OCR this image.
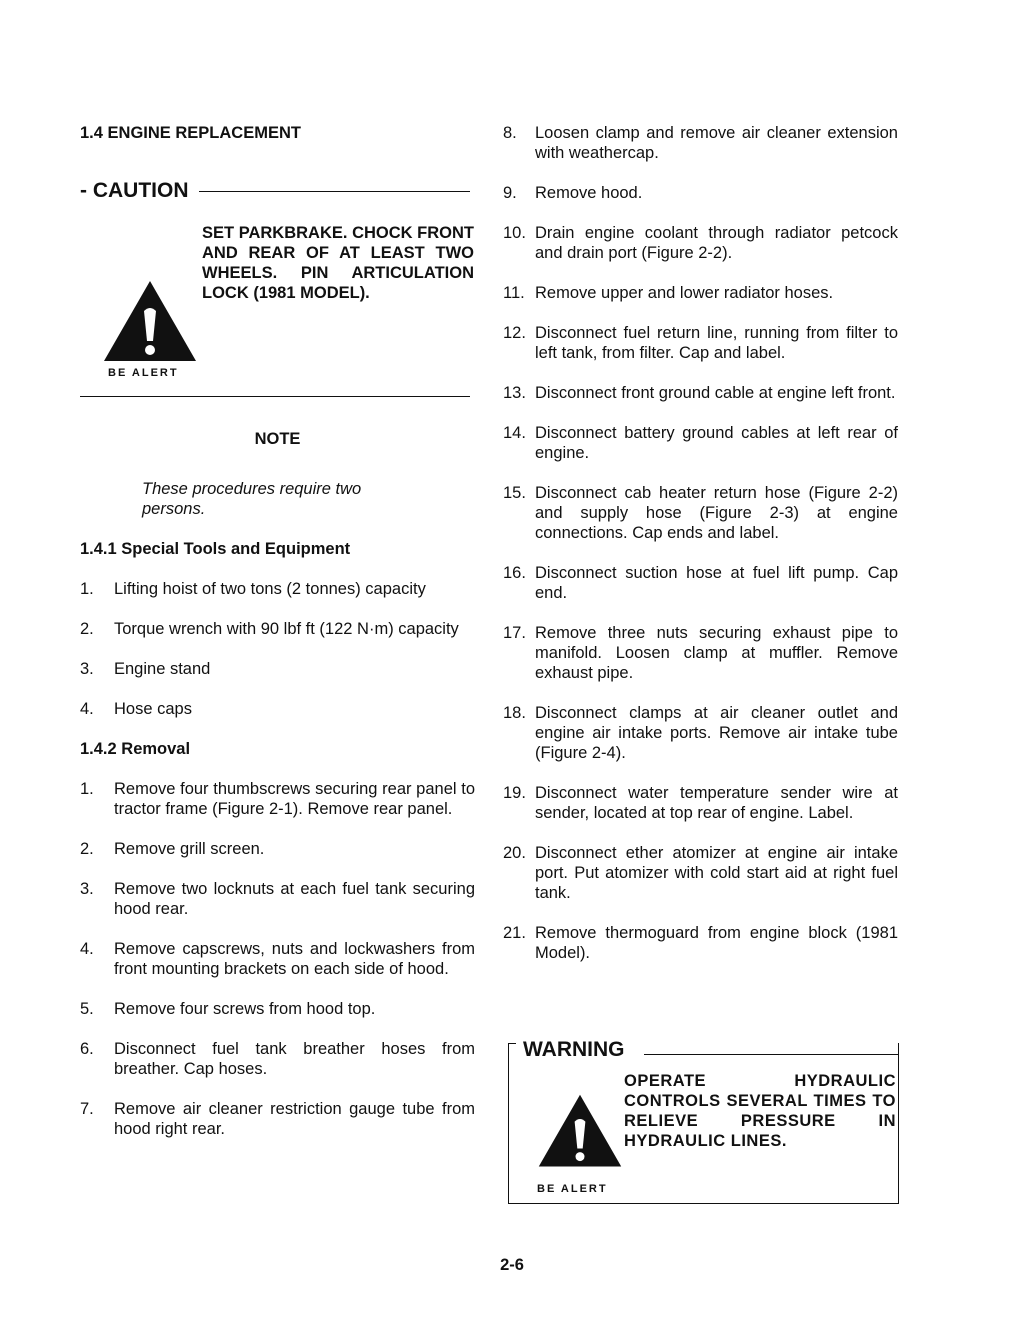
1.4 ENGINE REPLACEMENT

- CAUTION
SET PARKBRAKE. CHOCK FRONT AND REAR OF AT LEAST TWO WHEELS. PIN ARTICULATION LOCK (1981 MODEL).
BE ALERT
NOTE
These procedures require two persons.
1.4.1 Special Tools and Equipment
1.	Lifting hoist of two tons (2 tonnes) capacity
2.	Torque wrench with 90 lbf ft (122 N·m) capacity
3.	Engine stand
4.	Hose caps
1.4.2 Removal
1.	Remove four thumbscrews securing rear panel to tractor frame (Figure 2-1). Remove rear panel.
2.	Remove grill screen.
3.	Remove two locknuts at each fuel tank securing hood rear.
4.	Remove capscrews, nuts and lockwashers from front mounting brackets on each side of hood.
5.	Remove four screws from hood top.
6.	Disconnect fuel tank breather hoses from breather. Cap hoses.
7.	Remove air cleaner restriction gauge tube from hood right rear.
8.	Loosen clamp and remove air cleaner extension with weathercap.
9.	Remove hood.
10. Drain engine coolant through radiator petcock and drain port (Figure 2-2).
11. Remove upper and lower radiator hoses.
12. Disconnect fuel return line, running from filter to left tank, from filter. Cap and label.
13. Disconnect front ground cable at engine left front.
14. Disconnect battery ground cables at left rear of engine.
15. Disconnect cab heater return hose (Figure 2-2) and supply hose (Figure 2-3) at engine connections. Cap ends and label.
16. Disconnect suction hose at fuel lift pump. Cap end.
17. Remove three nuts securing exhaust pipe to manifold. Loosen clamp at muffler. Remove exhaust pipe.
18. Disconnect clamps at air cleaner outlet and engine air intake ports. Remove air intake tube (Figure 2-4).
19. Disconnect water temperature sender wire at sender, located at top rear of engine. Label.
20. Disconnect ether atomizer at engine air intake port. Put atomizer with cold start aid at right fuel tank.
21. Remove thermoguard from engine block (1981 Model).
WARNING
OPERATE HYDRAULIC CONTROLS SEVERAL TIMES TO RELIEVE PRESSURE IN HYDRAULIC LINES.
BE ALERT
2-6
